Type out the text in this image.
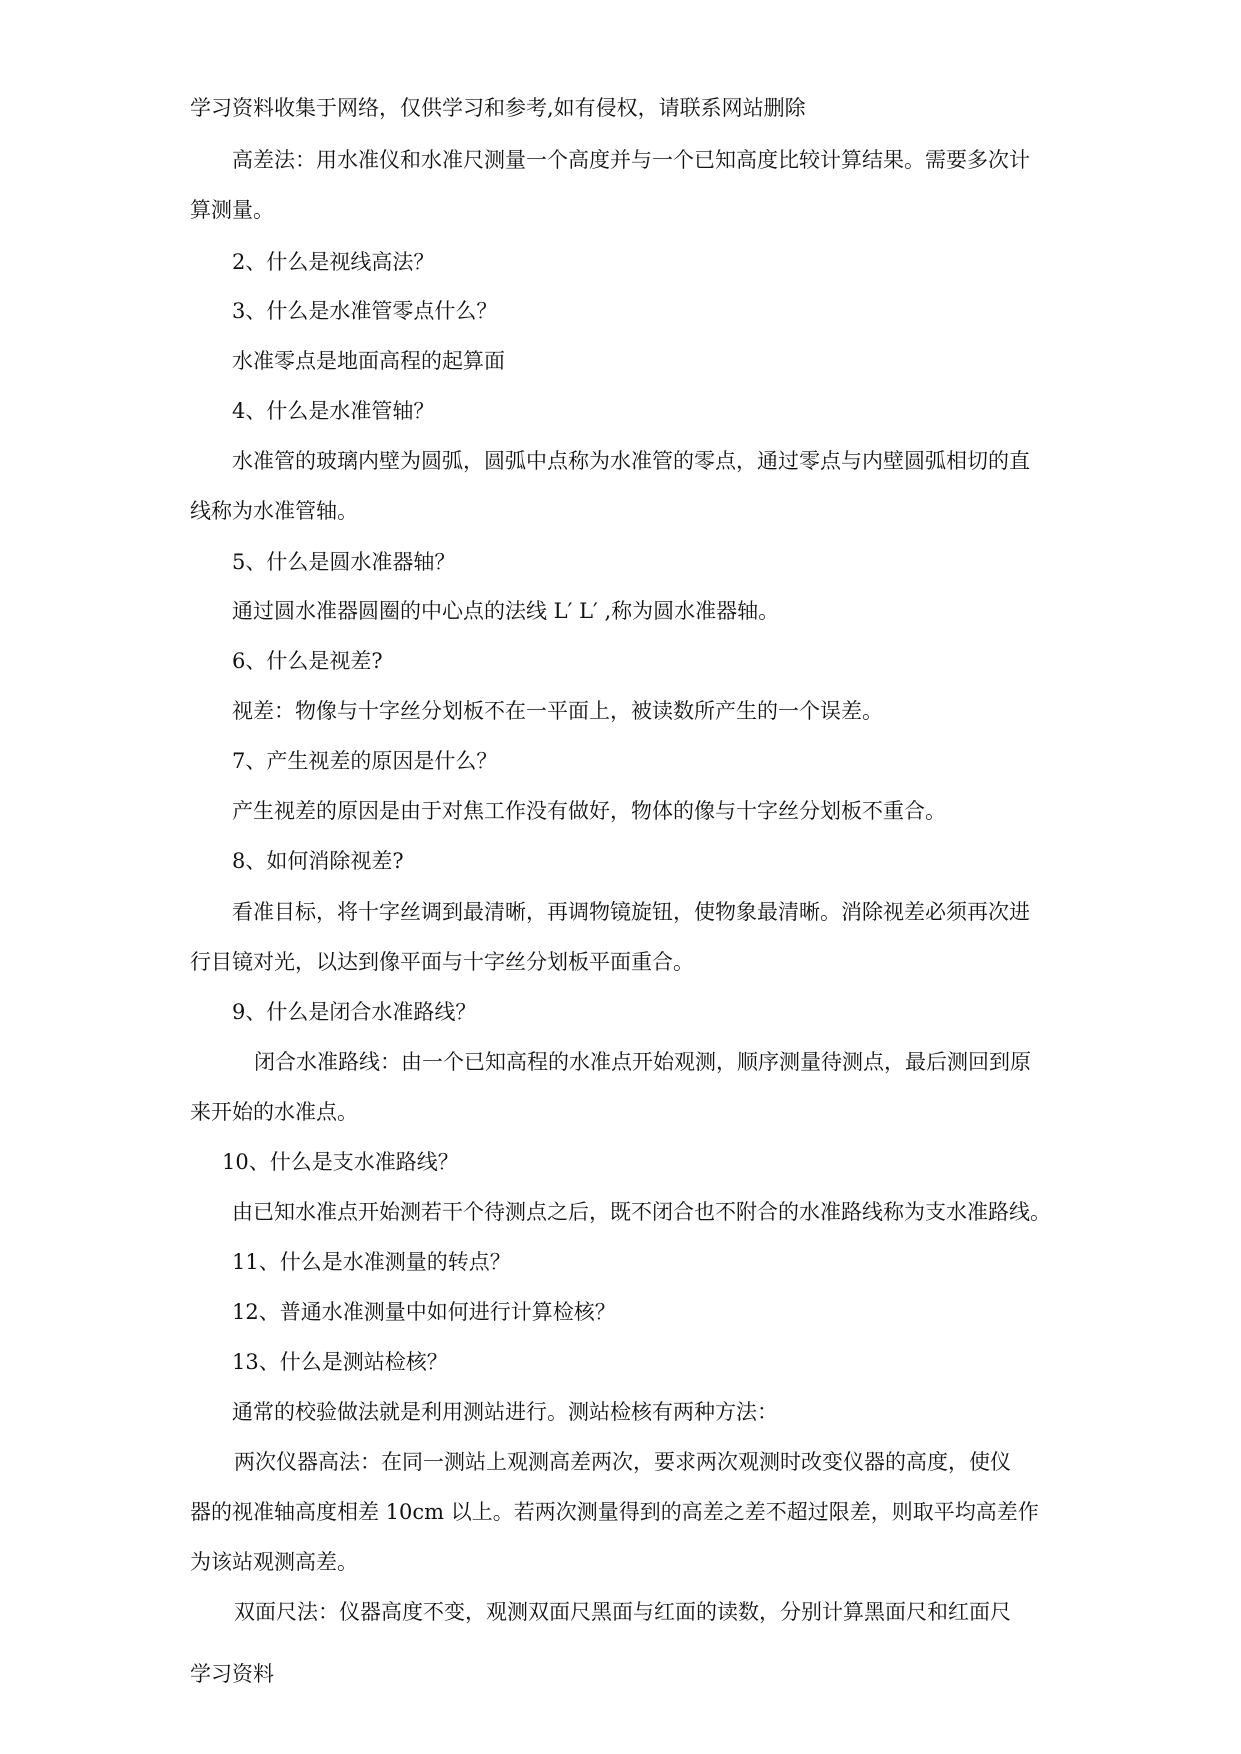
学习资料收集于网络，仅供学习和参考,如有侵权，请联系网站删除
高差法：用水准仪和水准尺测量一个高度并与一个已知高度比较计算结果。需要多次计
算测量。
2、什么是视线高法？
3、什么是水准管零点什么？
水准零点是地面高程的起算面
4、什么是水准管轴？
水准管的玻璃内壁为圆弧，圆弧中点称为水准管的零点，通过零点与内壁圆弧相切的直
线称为水准管轴。
5、什么是圆水准器轴？
通过圆水准器圆圈的中心点的法线 L′ L′ ,称为圆水准器轴。
6、什么是视差?
视差：物像与十字丝分划板不在一平面上，被读数所产生的一个误差。
7、产生视差的原因是什么？
产生视差的原因是由于对焦工作没有做好，物体的像与十字丝分划板不重合。
8、如何消除视差?
看准目标，将十字丝调到最清晰，再调物镜旋钮，使物象最清晰。消除视差必须再次进
行目镜对光，以达到像平面与十字丝分划板平面重合。
9、什么是闭合水准路线？
闭合水准路线：由一个已知高程的水准点开始观测，顺序测量待测点，最后测回到原
来开始的水准点。
10、什么是支水准路线？
由已知水准点开始测若干个待测点之后，既不闭合也不附合的水准路线称为支水准路线。
11、什么是水准测量的转点？
12、普通水准测量中如何进行计算检核？
13、什么是测站检核？
通常的校验做法就是利用测站进行。测站检核有两种方法：
两次仪器高法：在同一测站上观测高差两次，要求两次观测时改变仪器的高度，使仪
器的视准轴高度相差 10cm 以上。若两次测量得到的高差之差不超过限差，则取平均高差作
为该站观测高差。
双面尺法：仪器高度不变，观测双面尺黑面与红面的读数，分别计算黑面尺和红面尺
学习资料
